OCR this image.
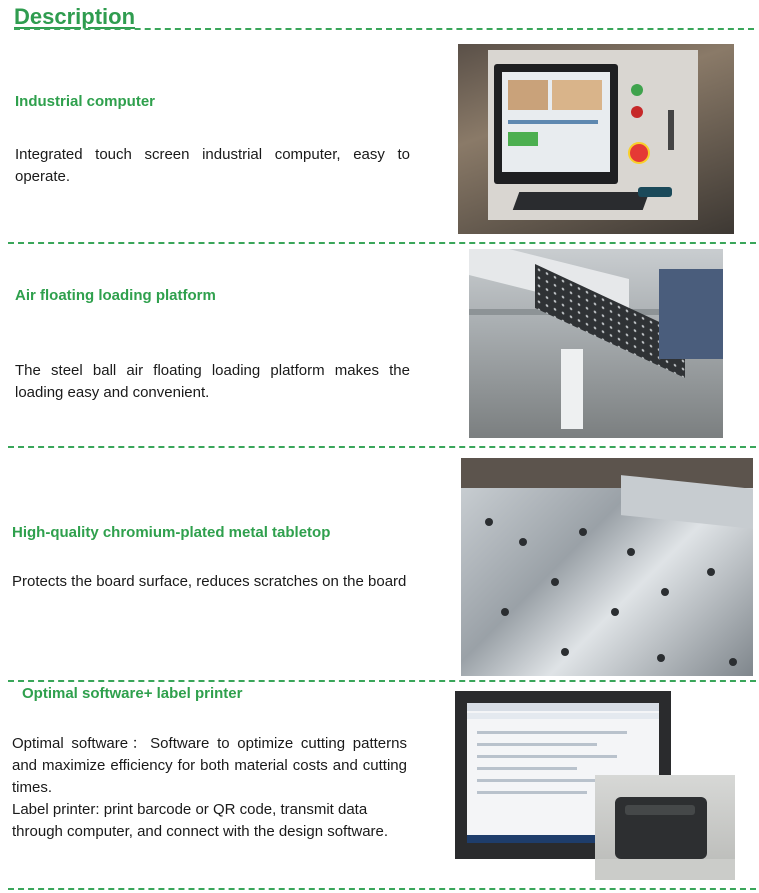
Description
Industrial computer
Integrated touch screen industrial computer, easy to operate.
Air floating loading platform
The steel ball air floating loading platform makes the loading easy and convenient.
High-quality chromium-plated metal tabletop
Protects the board surface, reduces scratches on the board
Optimal software+ label printer
Optimal software：Software to optimize cutting patterns and maximize efficiency for both material costs and cutting times.
Label printer: print barcode or QR code, transmit data through computer, and connect with the design software.
